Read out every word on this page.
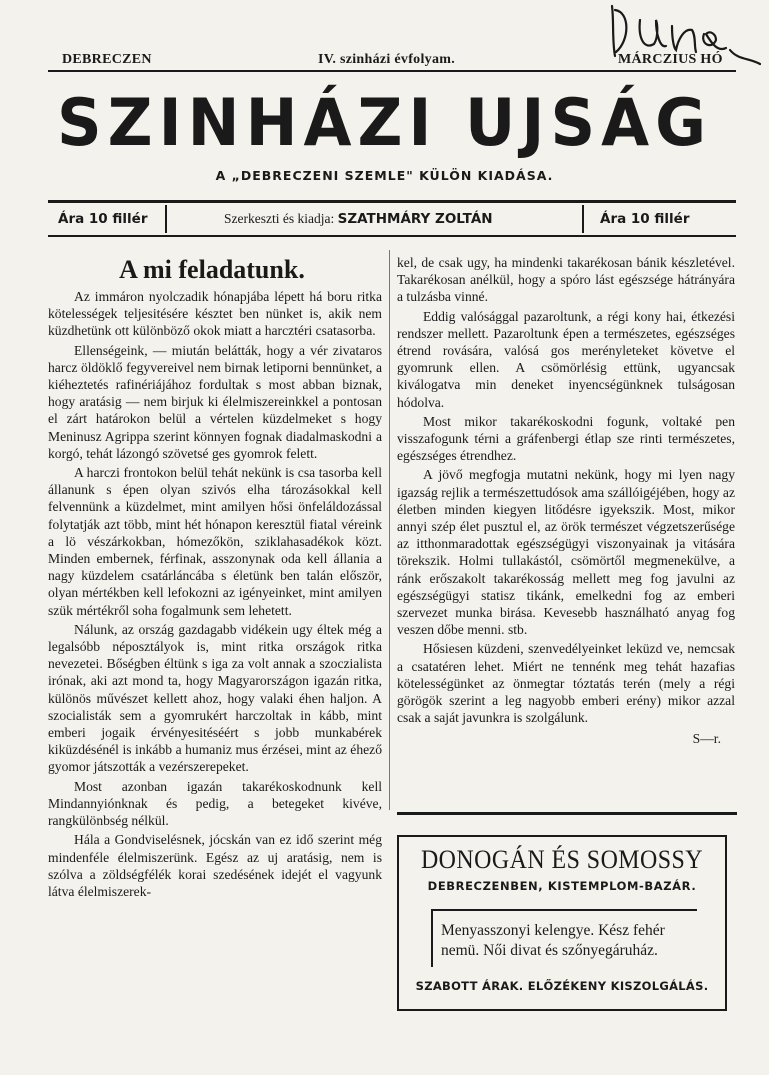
DEBRECZEN	IV. szinházi évfolyam.	MÁRCZIUS HÓ
SZINHÁZI UJSÁG
A „DEBRECZENI SZEMLE" KÜLÖN KIADÁSA.
Ára 10 fillér	Szerkeszti és kiadja: SZATHMÁRY ZOLTÁN	Ára 10 fillér
A mi feladatunk.

Az immáron nyolczadik hónapjába lépett há boru ritka kötelességek teljesitésére késztet ben nünket is, akik nem küzdhetünk ott különböző okok miatt a harcztéri csatasorba.

Ellenségeink, — miután belátták, hogy a vér zivataros harcz öldöklő fegyvereivel nem birnak letiporni bennünket, a kiéheztetés rafinériájához fordultak s most abban biznak, hogy aratásig — nem birjuk ki élelmiszereinkkel a pontosan el zárt határokon belül a vértelen küzdelmeket s hogy Meninusz Agrippa szerint könnyen fognak diadalmaskodni a korgó, tehát lázongó szövetsé ges gyomrok felett.

A harczi frontokon belül tehát nekünk is csa tasorba kell állanunk s épen olyan szivós elha tározásokkal kell felvennünk a küzdelmet, mint amilyen hősi önfeláldozással folytatják azt több, mint hét hónapon keresztül fiatal véreink a lö vészárkokban, hómezőkön, sziklahasadékok közt. Minden embernek, férfinak, asszonynak oda kell állania a nagy küzdelem csatárláncába s életünk ben talán először, olyan mértékben kell lefokozni az igényeinket, mint amilyen szük mértékről soha fogalmunk sem lehetett.

Nálunk, az ország gazdagabb vidékein ugy éltek még a legalsóbb néposztályok is, mint ritka országok ritka nevezetei. Bőségben éltünk s iga za volt annak a szoczialista irónak, aki azt mond ta, hogy Magyarországon igazán ritka, különös művészet kellett ahoz, hogy valaki éhen haljon. A szocialisták sem a gyomrukért harczoltak in kább, mint emberi jogaik érvényesitéséért s jobb munkabérek kiküzdésénél is inkább a humaniz mus érzései, mint az éhező gyomor játszották a vezérszerepeket.

Most azonban igazán takarékoskodnunk kell Mindannyiónknak és pedig, a betegeket kivéve, rangkülönbség nélkül.

Hála a Gondviselésnek, jócskán van ez idő szerint még mindenféle élelmiszerünk. Egész az uj aratásig, nem is szólva a zöldségfélék korai szedésének idejét el vagyunk látva élelmiszerek-

kel, de csak ugy, ha mindenki takarékosan bánik készletével. Takarékosan anélkül, hogy a spóro lást egészsége hátrányára a tulzásba vinné.

Eddig valósággal pazaroltunk, a régi kony hai, étkezési rendszer mellett. Pazaroltunk épen a természetes, egészséges étrend rovására, valósá gos merényleteket követve el gyomrunk ellen. A csömörlésig ettünk, ugyancsak kiválogatva min deneket inyencségünknek tulságosan hódolva.

Most mikor takarékoskodni fogunk, voltaké pen visszafogunk térni a gráfenbergi étlap sze rinti természetes, egészséges étrendhez.

A jövő megfogja mutatni nekünk, hogy mi lyen nagy igazság rejlik a természettudósok ama szállóigéjében, hogy az életben minden kiegyen litődésre igyekszik. Most, mikor annyi szép élet pusztul el, az örök természet végzetszerűsége az itthonmaradottak egészségügyi viszonyainak ja vitására törekszik. Holmi tullakástól, csömörtől megmenekülve, a ránk erőszakolt takarékosság mellett meg fog javulni az egészségügyi statisz tikánk, emelkedni fog az emberi szervezet munka birása. Kevesebb használható anyag fog veszen dőbe menni. stb.

Hősiesen küzdeni, szenvedélyeinket leküzd ve, nemcsak a csatatéren lehet. Miért ne tennénk meg tehát hazafias kötelességünket az önmegtar tóztatás terén (mely a régi görögök szerint a leg nagyobb emberi erény) mikor azzal csak a saját javunkra is szolgálunk.

S—r.
DONOGÁN ÉS SOMOSSY
DEBRECZENBEN, KISTEMPLOM-BAZÁR.
Menyasszonyi kelengye. Kész fehér nemü. Női divat és szőnyegáruház.
SZABOTT ÁRAK. ELŐZÉKENY KISZOLGÁLÁS.
